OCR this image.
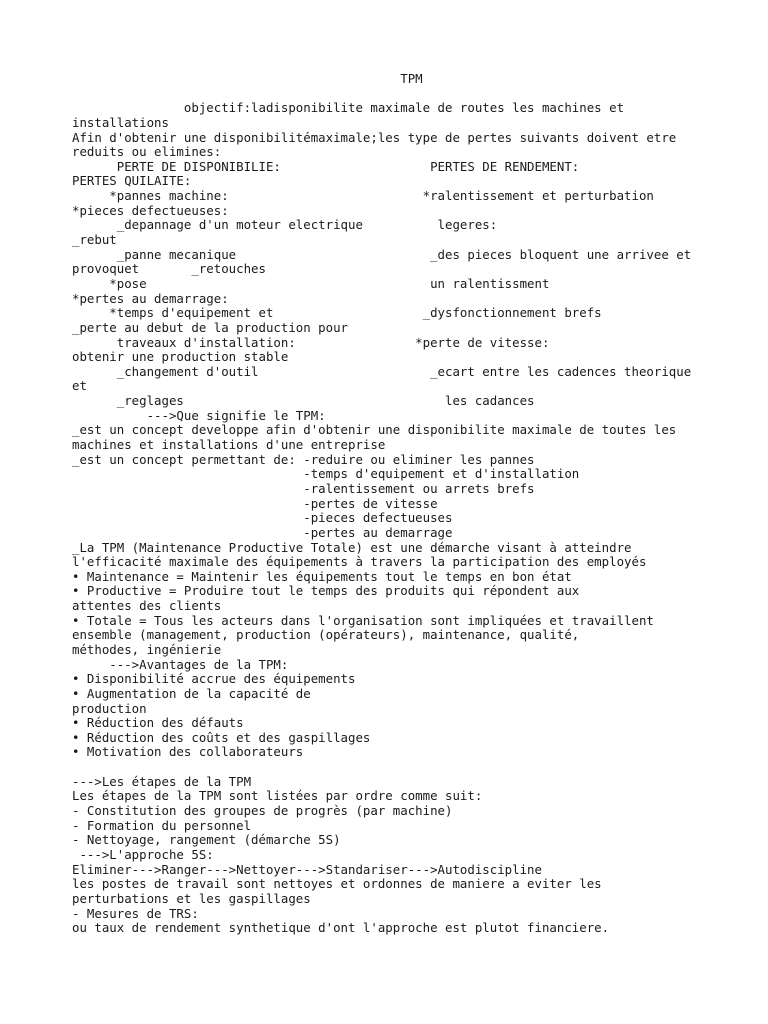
TPM
objectif:ladisponibilite maximale de routes les machines et
installations
Afin d'obtenir une disponibilitémaximale;les type de pertes suivants doivent etre
reduits ou elimines:
PERTE DE DISPONIBILIE:                    PERTES DE RENDEMENT:
PERTES QUILAITE:
*pannes machine:                          *ralentissement et perturbation
*pieces defectueuses:
_depannage d'un moteur electrique          legeres:
_rebut
_panne mecanique                          _des pieces bloquent une arrivee et
provoquet       _retouches
*pose                                      un ralentissment
*pertes au demarrage:
*temps d'equipement et                    _dysfonctionnement brefs
_perte au debut de la production pour
traveaux d'installation:                *perte de vitesse:
obtenir une production stable
_changement d'outil                       _ecart entre les cadences theorique
et
_reglages                                   les cadances
--->Que signifie le TPM:
_est un concept developpe afin d'obtenir une disponibilite maximale de toutes les
machines et installations d'une entreprise
_est un concept permettant de: -reduire ou eliminer les pannes
-temps d'equipement et d'installation
-ralentissement ou arrets brefs
-pertes de vitesse
-pieces defectueuses
-pertes au demarrage
_La TPM (Maintenance Productive Totale) est une démarche visant à atteindre
l'efficacité maximale des équipements à travers la participation des employés
• Maintenance = Maintenir les équipements tout le temps en bon état
• Productive = Produire tout le temps des produits qui répondent aux
attentes des clients
• Totale = Tous les acteurs dans l'organisation sont impliquées et travaillent
ensemble (management, production (opérateurs), maintenance, qualité,
méthodes, ingénierie
--->Avantages de la TPM:
• Disponibilité accrue des équipements
• Augmentation de la capacité de
production
• Réduction des défauts
• Réduction des coûts et des gaspillages
• Motivation des collaborateurs
--->Les étapes de la TPM
Les étapes de la TPM sont listées par ordre comme suit:
- Constitution des groupes de progrès (par machine)
- Formation du personnel
- Nettoyage, rangement (démarche 5S)
--->L'approche 5S:
Eliminer--->Ranger--->Nettoyer--->Standariser--->Autodiscipline
les postes de travail sont nettoyes et ordonnes de maniere a eviter les
perturbations et les gaspillages
- Mesures de TRS:
ou taux de rendement synthetique d'ont l'approche est plutot financiere.
